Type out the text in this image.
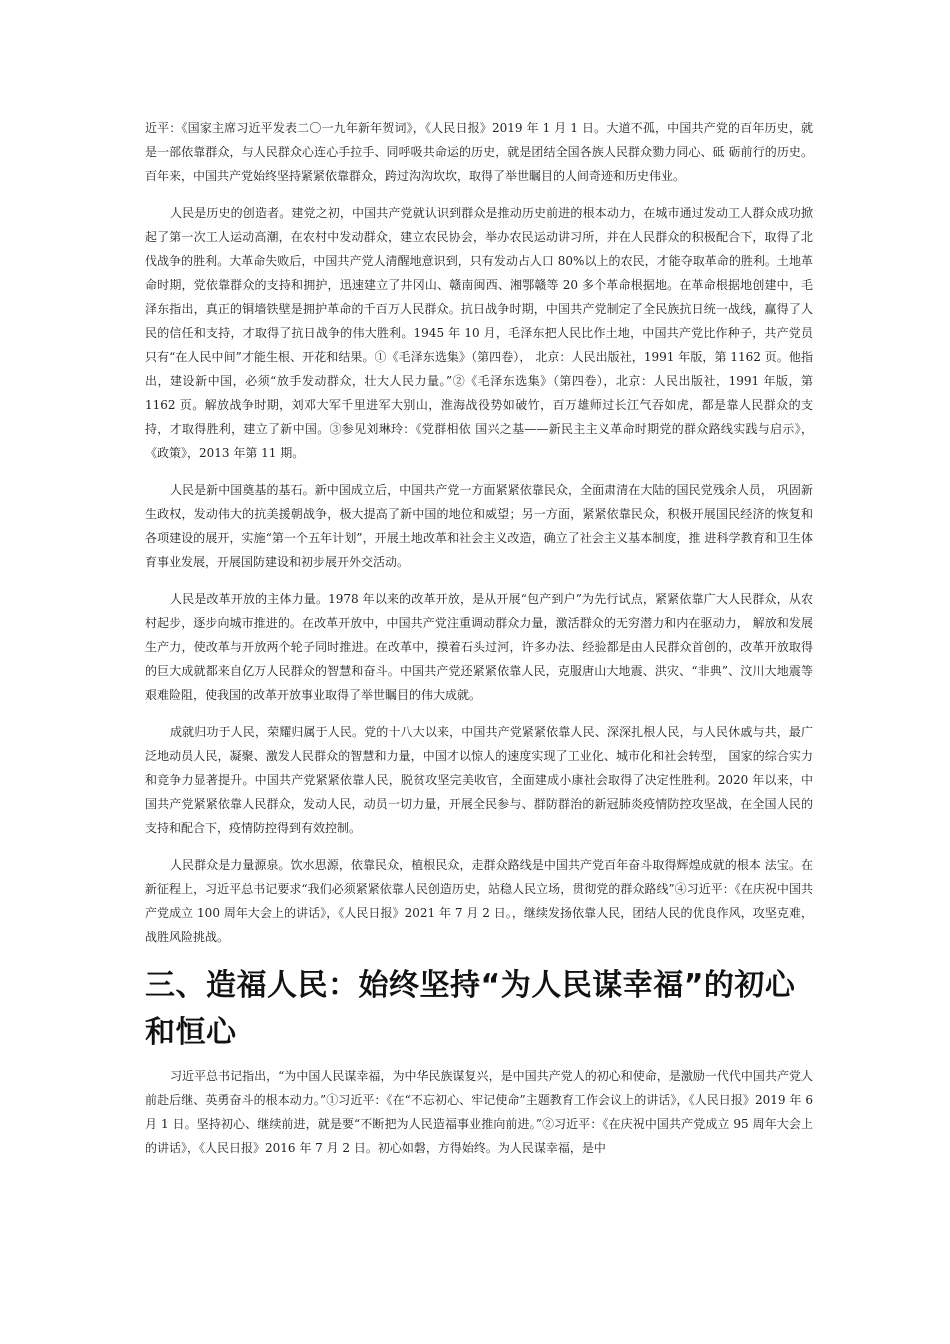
近平：《国家主席习近平发表二〇一九年新年贺词》，《人民日报》2019 年 1 月 1 日。大道不孤，中国共产党的百年历史，就是一部依靠群众，与人民群众心连心手拉手、同呼吸共命运的历史，就是团结全国各族人民群众勠力同心、砥 砺前行的历史。百年来，中国共产党始终坚持紧紧依靠群众，跨过沟沟坎坎，取得了举世瞩目的人间奇迹和历史伟业。

人民是历史的创造者。建党之初，中国共产党就认识到群众是推动历史前进的根本动力，在城市通过发动工人群众成功掀起了第一次工人运动高潮，在农村中发动群众，建立农民协会，举办农民运动讲习所，并在人民群众的积极配合下，取得了北伐战争的胜利。大革命失败后，中国共产党人清醒地意识到，只有发动占人口 80%以上的农民，才能夺取革命的胜利。土地革命时期，党依靠群众的支持和拥护，迅速建立了井冈山、赣南闽西、湘鄂赣等 20 多个革命根据地。在革命根据地创建中，毛泽东指出，真正的铜墙铁壁是拥护革命的千百万人民群众。抗日战争时期，中国共产党制定了全民族抗日统一战线，赢得了人民的信任和支持，才取得了抗日战争的伟大胜利。1945 年 10 月，毛泽东把人民比作土地，中国共产党比作种子，共产党员只有“在人民中间”才能生根、开花和结果。①《毛泽东选集》（第四卷）， 北京：人民出版社，1991 年版，第 1162 页。他指出，建设新中国，必须“放手发动群众，壮大人民力量。”②《毛泽东选集》（第四卷），北京：人民出版社，1991 年版，第 1162 页。解放战争时期，刘邓大军千里进军大别山，淮海战役势如破竹，百万雄师过长江气吞如虎，都是靠人民群众的支持，才取得胜利，建立了新中国。③参见刘琳玲：《党群相依 国兴之基——新民主主义革命时期党的群众路线实践与启示》，《政策》，2013 年第 11 期。

人民是新中国奠基的基石。新中国成立后，中国共产党一方面紧紧依靠民众，全面肃清在大陆的国民党残余人员， 巩固新生政权，发动伟大的抗美援朝战争，极大提高了新中国的地位和威望；另一方面，紧紧依靠民众，积极开展国民经济的恢复和各项建设的展开，实施“第一个五年计划”，开展土地改革和社会主义改造，确立了社会主义基本制度，推 进科学教育和卫生体育事业发展，开展国防建设和初步展开外交活动。

人民是改革开放的主体力量。1978 年以来的改革开放，是从开展“包产到户”为先行试点，紧紧依靠广大人民群众，从农村起步，逐步向城市推进的。在改革开放中，中国共产党注重调动群众力量，激活群众的无穷潜力和内在驱动力， 解放和发展生产力，使改革与开放两个轮子同时推进。在改革中，摸着石头过河，许多办法、经验都是由人民群众首创的，改革开放取得的巨大成就都来自亿万人民群众的智慧和奋斗。中国共产党还紧紧依靠人民，克服唐山大地震、洪灾、“非典”、汶川大地震等艰难险阻，使我国的改革开放事业取得了举世瞩目的伟大成就。

成就归功于人民，荣耀归属于人民。党的十八大以来，中国共产党紧紧依靠人民、深深扎根人民，与人民休戚与共，最广泛地动员人民，凝聚、激发人民群众的智慧和力量，中国才以惊人的速度实现了工业化、城市化和社会转型， 国家的综合实力和竞争力显著提升。中国共产党紧紧依靠人民，脱贫攻坚完美收官，全面建成小康社会取得了决定性胜利。2020 年以来，中国共产党紧紧依靠人民群众，发动人民，动员一切力量，开展全民参与、群防群治的新冠肺炎疫情防控攻坚战，在全国人民的支持和配合下，疫情防控得到有效控制。

人民群众是力量源泉。饮水思源，依靠民众，植根民众，走群众路线是中国共产党百年奋斗取得辉煌成就的根本 法宝。在新征程上，习近平总书记要求“我们必须紧紧依靠人民创造历史，站稳人民立场，贯彻党的群众路线”④习近平：《在庆祝中国共产党成立 100 周年大会上的讲话》，《人民日报》2021 年 7 月 2 日。，继续发扬依靠人民，团结人民的优良作风，攻坚克难，战胜风险挑战。

三、造福人民：始终坚持“为人民谋幸福”的初心和恒心

习近平总书记指出，“为中国人民谋幸福，为中华民族谋复兴，是中国共产党人的初心和使命，是激励一代代中国共产党人前赴后继、英勇奋斗的根本动力。”①习近平：《在“不忘初心、牢记使命”主题教育工作会议上的讲话》，《人民日报》2019 年 6 月 1 日。坚持初心、继续前进，就是要“不断把为人民造福事业推向前进。”②习近平：《在庆祝中国共产党成立 95 周年大会上的讲话》，《人民日报》2016 年 7 月 2 日。初心如磐，方得始终。为人民谋幸福，是中
